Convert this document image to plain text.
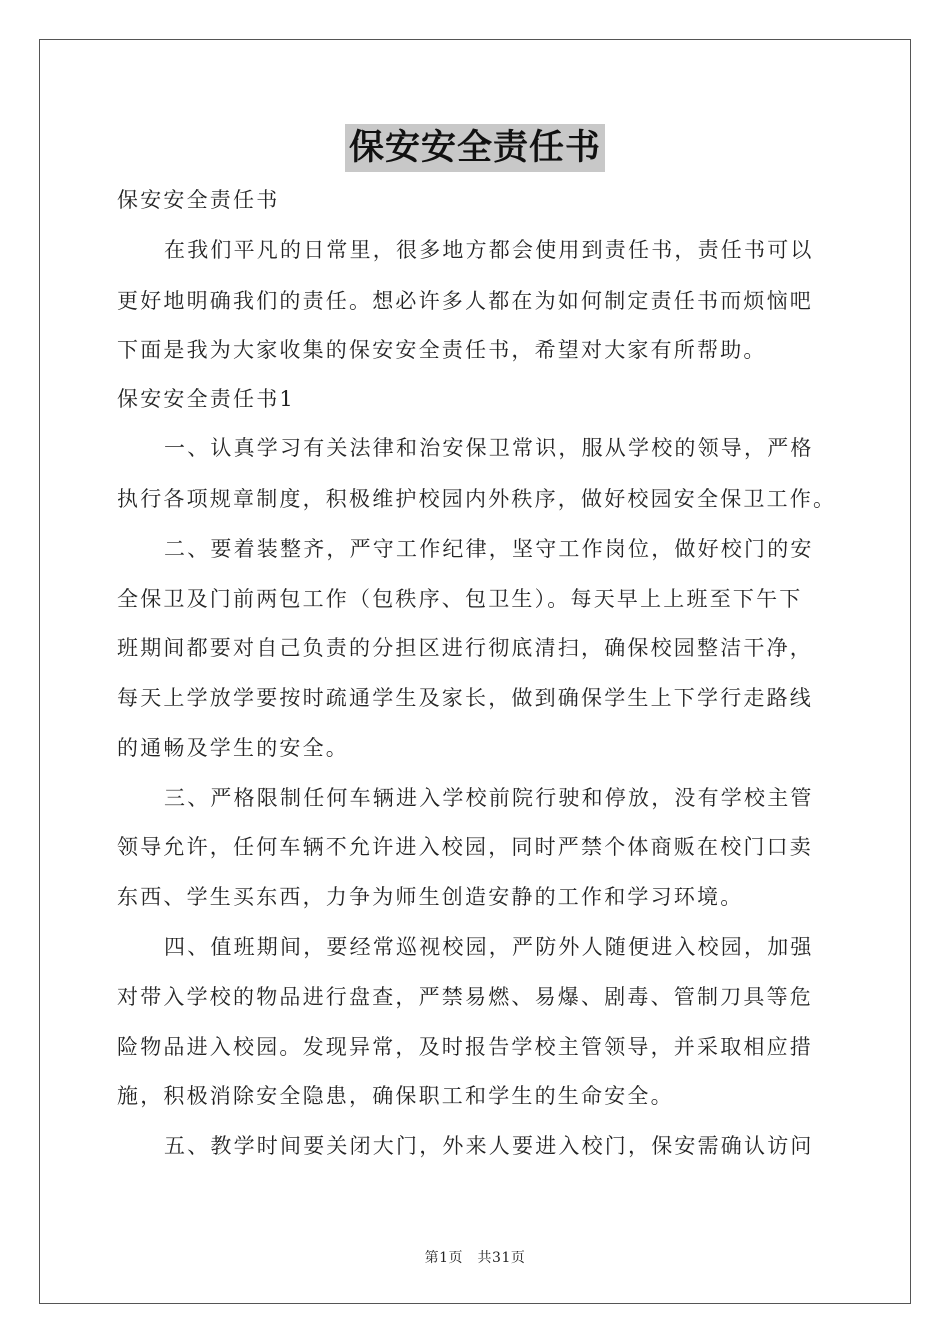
保安安全责任书
保安安全责任书
在我们平凡的日常里，很多地方都会使用到责任书，责任书可以
更好地明确我们的责任。想必许多人都在为如何制定责任书而烦恼吧
下面是我为大家收集的保安安全责任书，希望对大家有所帮助。
保安安全责任书1
一、认真学习有关法律和治安保卫常识，服从学校的领导，严格
执行各项规章制度，积极维护校园内外秩序，做好校园安全保卫工作。
二、要着装整齐，严守工作纪律，坚守工作岗位，做好校门的安
全保卫及门前两包工作（包秩序、包卫生）。每天早上上班至下午下
班期间都要对自己负责的分担区进行彻底清扫，确保校园整洁干净，
每天上学放学要按时疏通学生及家长，做到确保学生上下学行走路线
的通畅及学生的安全。
三、严格限制任何车辆进入学校前院行驶和停放，没有学校主管
领导允许，任何车辆不允许进入校园，同时严禁个体商贩在校门口卖
东西、学生买东西，力争为师生创造安静的工作和学习环境。
四、值班期间，要经常巡视校园，严防外人随便进入校园，加强
对带入学校的物品进行盘查，严禁易燃、易爆、剧毒、管制刀具等危
险物品进入校园。发现异常，及时报告学校主管领导，并采取相应措
施，积极消除安全隐患，确保职工和学生的生命安全。
五、教学时间要关闭大门，外来人要进入校门，保安需确认访问
第1页　共31页
